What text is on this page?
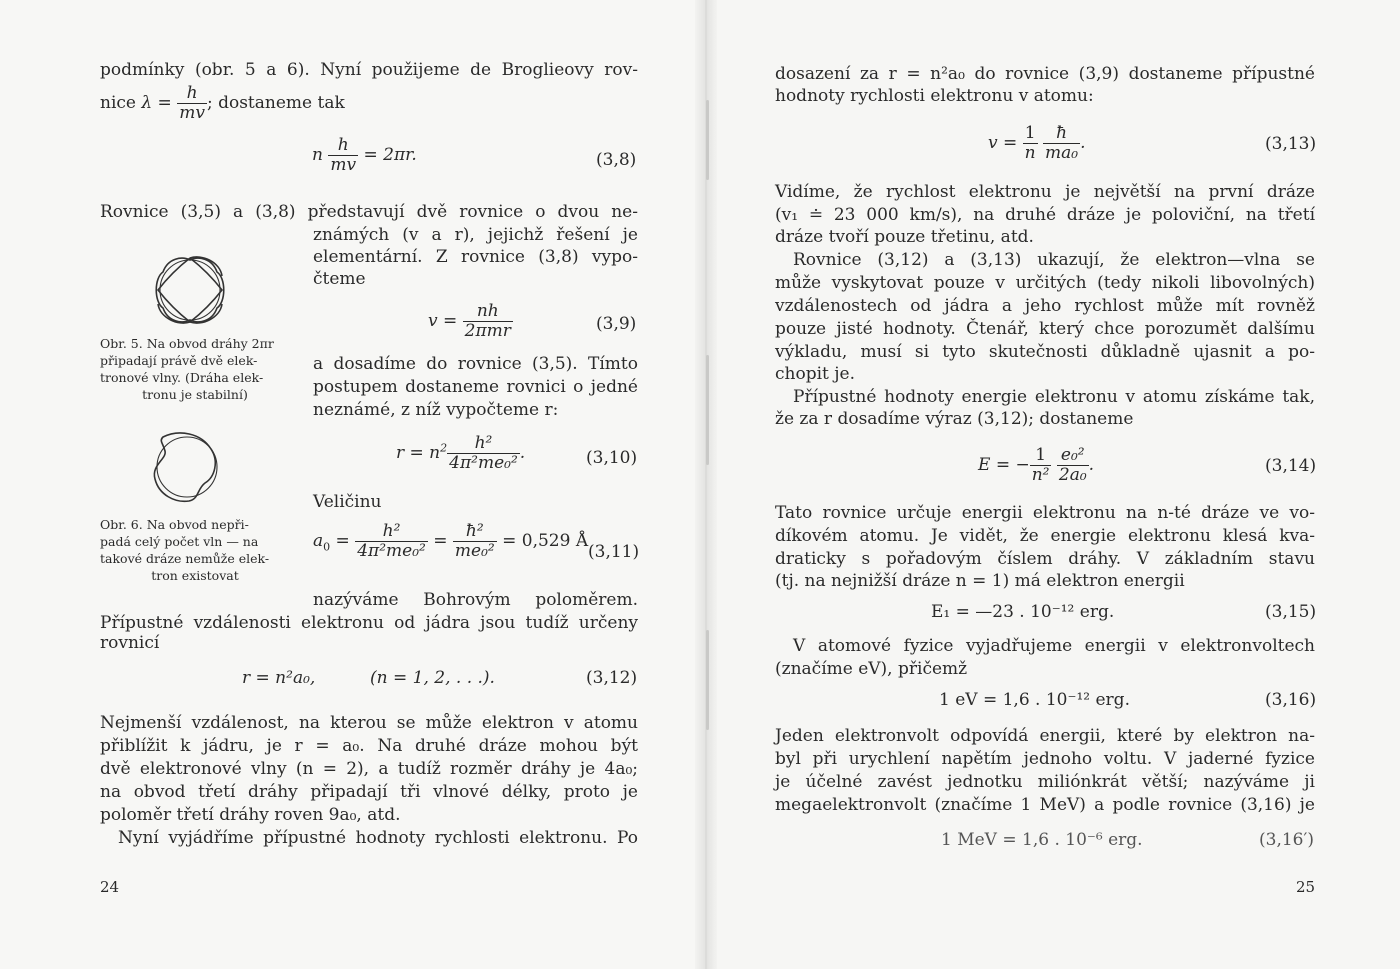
podmínky (obr. 5 a 6). Nyní použijeme de Broglieovy rov-
nice $\lambda = \frac{h}{mv}$ ; dostaneme tak
n $\frac{h}{mv} = 2\pi r$.	(3,8)
Rovnice (3,5) a (3,8) představují dvě rovnice o dvou ne-
známých (v a r), jejichž řešení je
elementární. Z rovnice (3,8) vypo-
čteme
Obr. 5. Na obvod dráhy 2πr
připadají právě dvě elek-
tronové vlny. (Dráha elek-
tronu je stabilní)
$v = \frac{nh}{\text{2πmr}}$	(3,9)
a dosadíme do rovnice (3,5). Tímto
postupem dostaneme rovnici o jedné
neznámé, z níž vypočteme r:
$r = n^2 \frac{\text{h²}}{\text{4π²me₀²}}$ .	(3,10)
Veličinu
Obr. 6. Na obvod nepři-
padá celý počet vln — na
takové dráze nemůže elek-
tron existovat
$a_0 = \frac{\text{h²}}{\text{4π²me₀²}} = \frac{\text{ħ²}}{\text{me₀²}} = 0,529$ Å
(3,11)
nazýváme Bohrovým poloměrem.
Přípustné vzdálenosti elektronu od jádra jsou tudíž určeny
rovnicí
r = n²a₀,	(n = 1, 2, . . .).	(3,12)
Nejmenší vzdálenost, na kterou se může elektron v atomu
přiblížit k jádru, je r = a₀. Na druhé dráze mohou být
dvě elektronové vlny (n = 2), a tudíž rozměr dráhy je 4a₀;
na obvod třetí dráhy připadají tři vlnové délky, proto je
poloměr třetí dráhy roven 9a₀, atd.
Nyní vyjádříme přípustné hodnoty rychlosti elektronu. Po
24
dosazení za r = n²a₀ do rovnice (3,9) dostaneme přípustné
hodnoty rychlosti elektronu v atomu:
$v = \frac{1}{n}$
$\frac{ħ}{\text{ma₀}}$ .	(3,13)
Vidíme, že rychlost elektronu je největší na první dráze
(v₁ ≐ 23 000 km/s), na druhé dráze je poloviční, na třetí
dráze tvoří pouze třetinu, atd.
Rovnice (3,12) a (3,13) ukazují, že elektron—vlna se
může vyskytovat pouze v určitých (tedy nikoli libovolných)
vzdálenostech od jádra a jeho rychlost může mít rovněž
pouze jisté hodnoty. Čtenář, který chce porozumět dalšímu
výkladu, musí si tyto skutečnosti důkladně ujasnit a po-
chopit je.
Přípustné hodnoty energie elektronu v atomu získáme tak,
že za r dosadíme výraz (3,12); dostaneme
E = − $\frac{1}{\text{n²}}$
$\frac{\text{e₀²}}{\text{2a₀}}$ .	(3,14)
Tato rovnice určuje energii elektronu na n-té dráze ve vo-
díkovém atomu. Je vidět, že energie elektronu klesá kva-
draticky s pořadovým číslem dráhy. V základním stavu
(tj. na nejnižší dráze n = 1) má elektron energii
E₁ = —23 . 10⁻¹² erg.	(3,15)
V atomové fyzice vyjadřujeme energii v elektronvoltech
(značíme eV), přičemž
1 eV = 1,6 . 10⁻¹² erg.	(3,16)
Jeden elektronvolt odpovídá energii, které by elektron na-
byl při urychlení napětím jednoho voltu. V jaderné fyzice
je účelné zavést jednotku miliónkrát větší; nazýváme ji
megaelektronvolt (značíme 1 MeV) a podle rovnice (3,16) je
1 MeV = 1,6 . 10⁻⁶ erg.	(3,16′)
25
